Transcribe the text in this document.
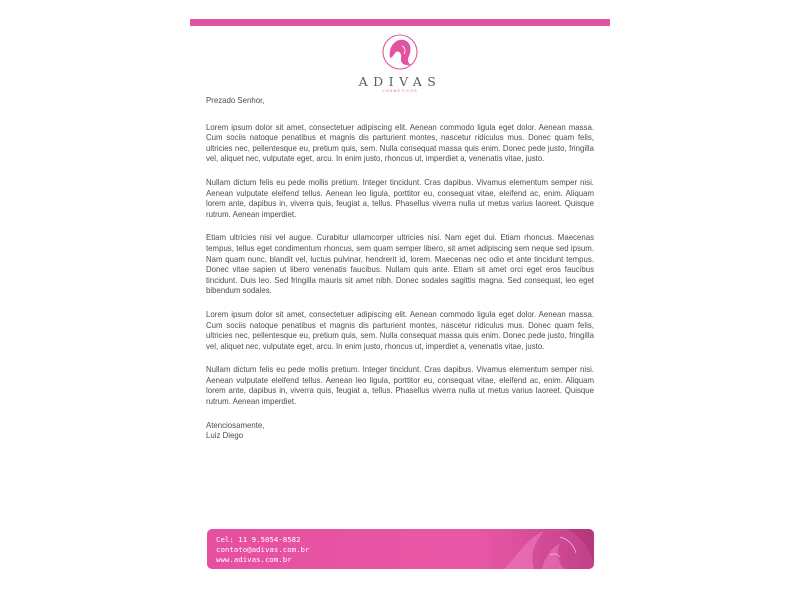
ADIVAS
COSMETICOS

Prezado Senhor,

Lorem ipsum dolor sit amet, consectetuer adipiscing elit. Aenean commodo ligula eget dolor. Aenean massa. Cum sociis natoque penatibus et magnis dis parturient montes, nascetur ridiculus mus. Donec quam felis, ultricies nec, pellentesque eu, pretium quis, sem. Nulla consequat massa quis enim. Donec pede justo, fringilla vel, aliquet nec, vulputate eget, arcu. In enim justo, rhoncus ut, imperdiet a, venenatis vitae, justo.

Nullam dictum felis eu pede mollis pretium. Integer tincidunt. Cras dapibus. Vivamus elementum semper nisi. Aenean vulputate eleifend tellus. Aenean leo ligula, porttitor eu, consequat vitae, eleifend ac, enim. Aliquam lorem ante, dapibus in, viverra quis, feugiat a, tellus. Phasellus viverra nulla ut metus varius laoreet. Quisque rutrum. Aenean imperdiet.

Etiam ultricies nisi vel augue. Curabitur ullamcorper ultricies nisi. Nam eget dui. Etiam rhoncus. Maecenas tempus, tellus eget condimentum rhoncus, sem quam semper libero, sit amet adipiscing sem neque sed ipsum. Nam quam nunc, blandit vel, luctus pulvinar, hendrerit id, lorem. Maecenas nec odio et ante tincidunt tempus. Donec vitae sapien ut libero venenatis faucibus. Nullam quis ante. Etiam sit amet orci eget eros faucibus tincidunt. Duis leo. Sed fringilla mauris sit amet nibh. Donec sodales sagittis magna. Sed consequat, leo eget bibendum sodales.

Lorem ipsum dolor sit amet, consectetuer adipiscing elit. Aenean commodo ligula eget dolor. Aenean massa. Cum sociis natoque penatibus et magnis dis parturient montes, nascetur ridiculus mus. Donec quam felis, ultricies nec, pellentesque eu, pretium quis, sem. Nulla consequat massa quis enim. Donec pede justo, fringilla vel, aliquet nec, vulputate eget, arcu. In enim justo, rhoncus ut, imperdiet a, venenatis vitae, justo.

Nullam dictum felis eu pede mollis pretium. Integer tincidunt. Cras dapibus. Vivamus elementum semper nisi. Aenean vulputate eleifend tellus. Aenean leo ligula, porttitor eu, consequat vitae, eleifend ac, enim. Aliquam lorem ante, dapibus in, viverra quis, feugiat a, tellus. Phasellus viverra nulla ut metus varius laoreet. Quisque rutrum. Aenean imperdiet.

Atenciosamente,

Luiz Diego

Cel: 11 9.5054-8582
contato@adivas.com.br
www.adivas.com.br
